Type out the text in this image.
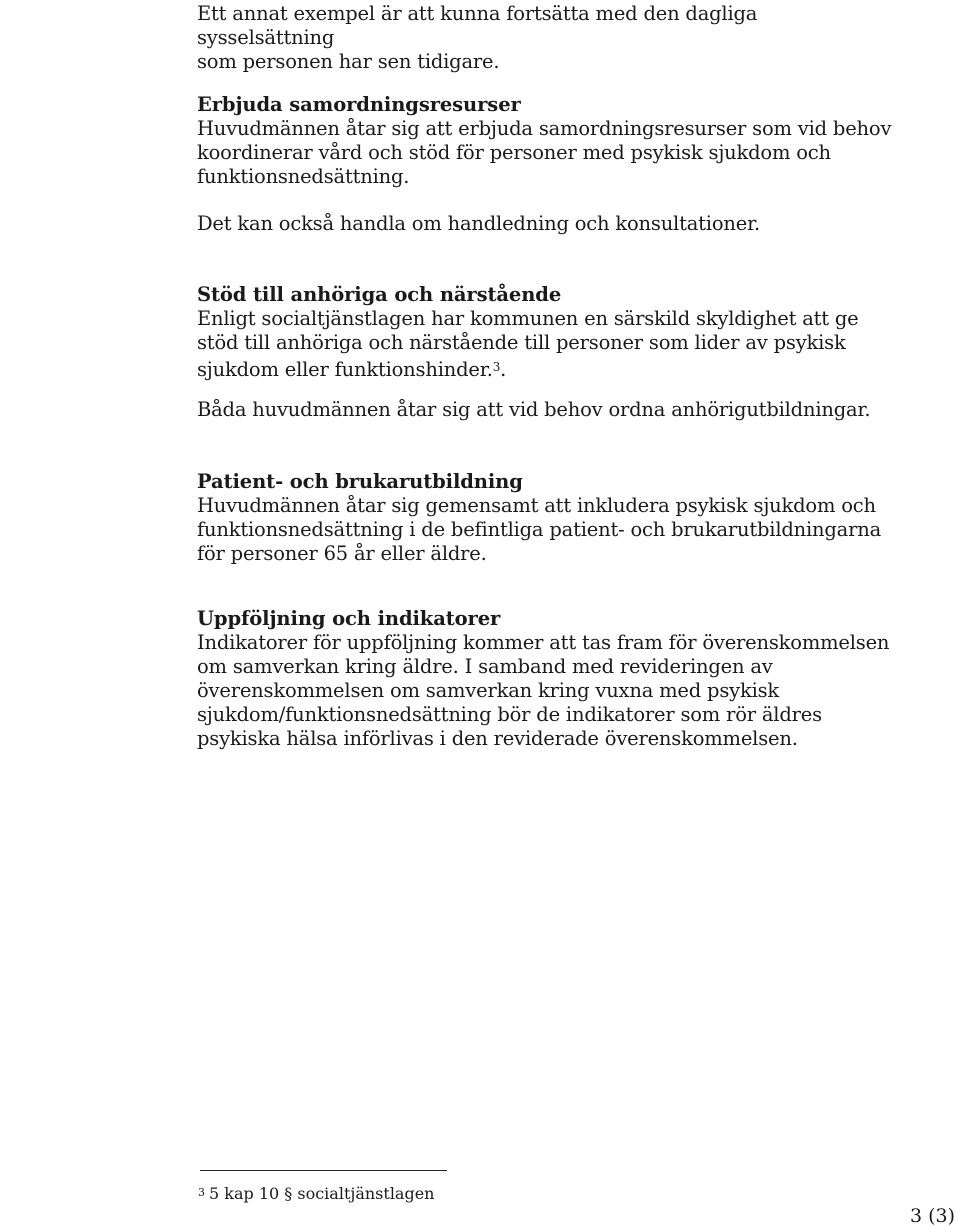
Ett annat exempel är att kunna fortsätta med den dagliga sysselsättning

som personen har sen tidigare.

Erbjuda samordningsresurser

Huvudmännen åtar sig att erbjuda samordningsresurser som vid behov

koordinerar vård och stöd för personer med psykisk sjukdom och

funktionsnedsättning.

Det kan också handla om handledning och konsultationer.

Stöd till anhöriga och närstående

Enligt socialtjänstlagen har kommunen en särskild skyldighet att ge

stöd till anhöriga och närstående till personer som lider av psykisk

sjukdom eller funktionshinder.$^3$.

Båda huvudmännen åtar sig att vid behov ordna anhörigutbildningar.

Patient- och brukarutbildning

Huvudmännen åtar sig gemensamt att inkludera psykisk sjukdom och

funktionsnedsättning i de befintliga patient- och brukarutbildningarna

för personer 65 år eller äldre.

Uppföljning och indikatorer

Indikatorer för uppföljning kommer att tas fram för överenskommelsen

om samverkan kring äldre. I samband med revideringen av

överenskommelsen om samverkan kring vuxna med psykisk

sjukdom/funktionsnedsättning bör de indikatorer som rör äldres

psykiska hälsa införlivas i den reviderade överenskommelsen.

$^3$ 5 kap 10 § socialtjänstlagen

3 (3)
